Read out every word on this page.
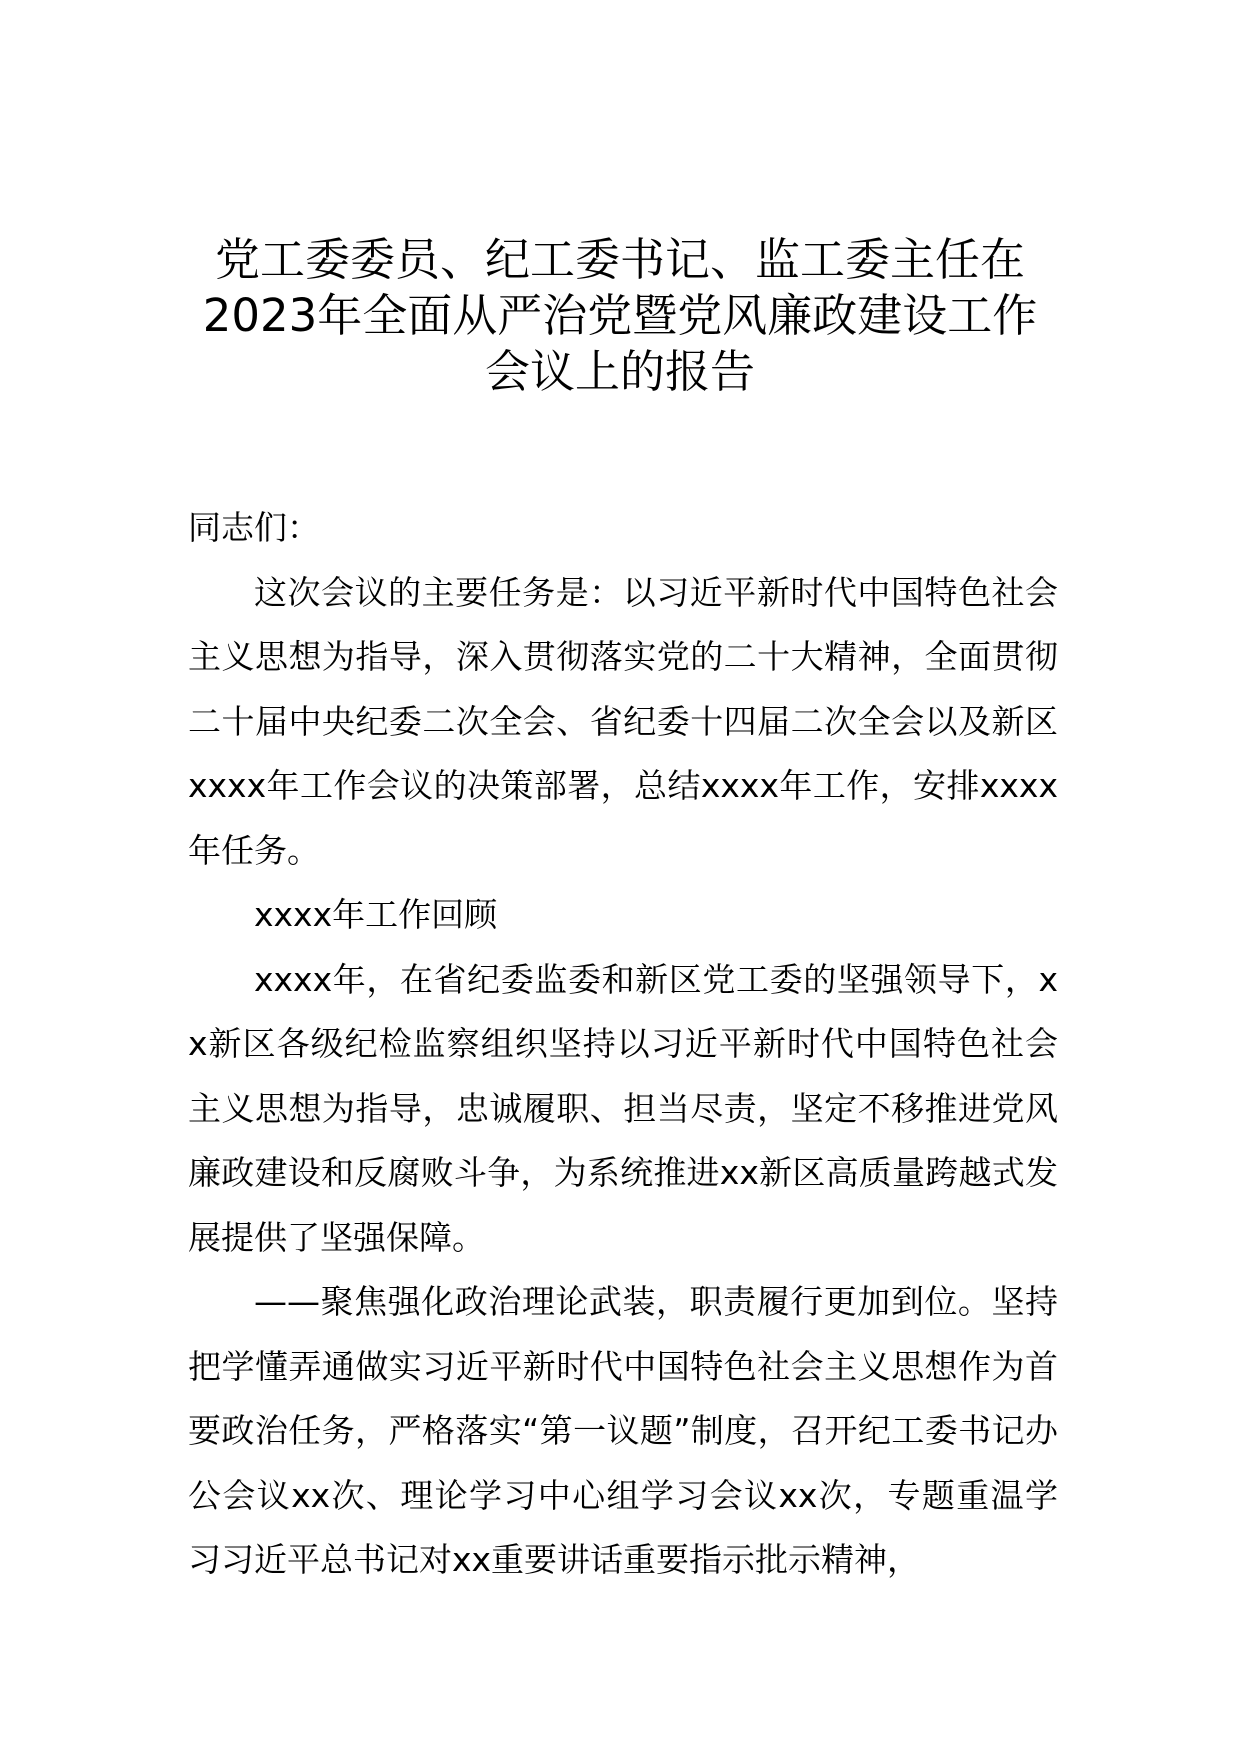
党工委委员、纪工委书记、监工委主任在
2023年全面从严治党暨党风廉政建设工作
会议上的报告

同志们：

这次会议的主要任务是：以习近平新时代中国特色社会主义思想为指导，深入贯彻落实党的二十大精神，全面贯彻二十届中央纪委二次全会、省纪委十四届二次全会以及新区xxxx年工作会议的决策部署，总结xxxx年工作，安排xxxx年任务。

xxxx年工作回顾

xxxx年，在省纪委监委和新区党工委的坚强领导下，xx新区各级纪检监察组织坚持以习近平新时代中国特色社会主义思想为指导，忠诚履职、担当尽责，坚定不移推进党风廉政建设和反腐败斗争，为系统推进xx新区高质量跨越式发展提供了坚强保障。

——聚焦强化政治理论武装，职责履行更加到位。坚持把学懂弄通做实习近平新时代中国特色社会主义思想作为首要政治任务，严格落实“第一议题”制度，召开纪工委书记办公会议xx次、理论学习中心组学习会议xx次，专题重温学习习近平总书记对xx重要讲话重要指示批示精神，
